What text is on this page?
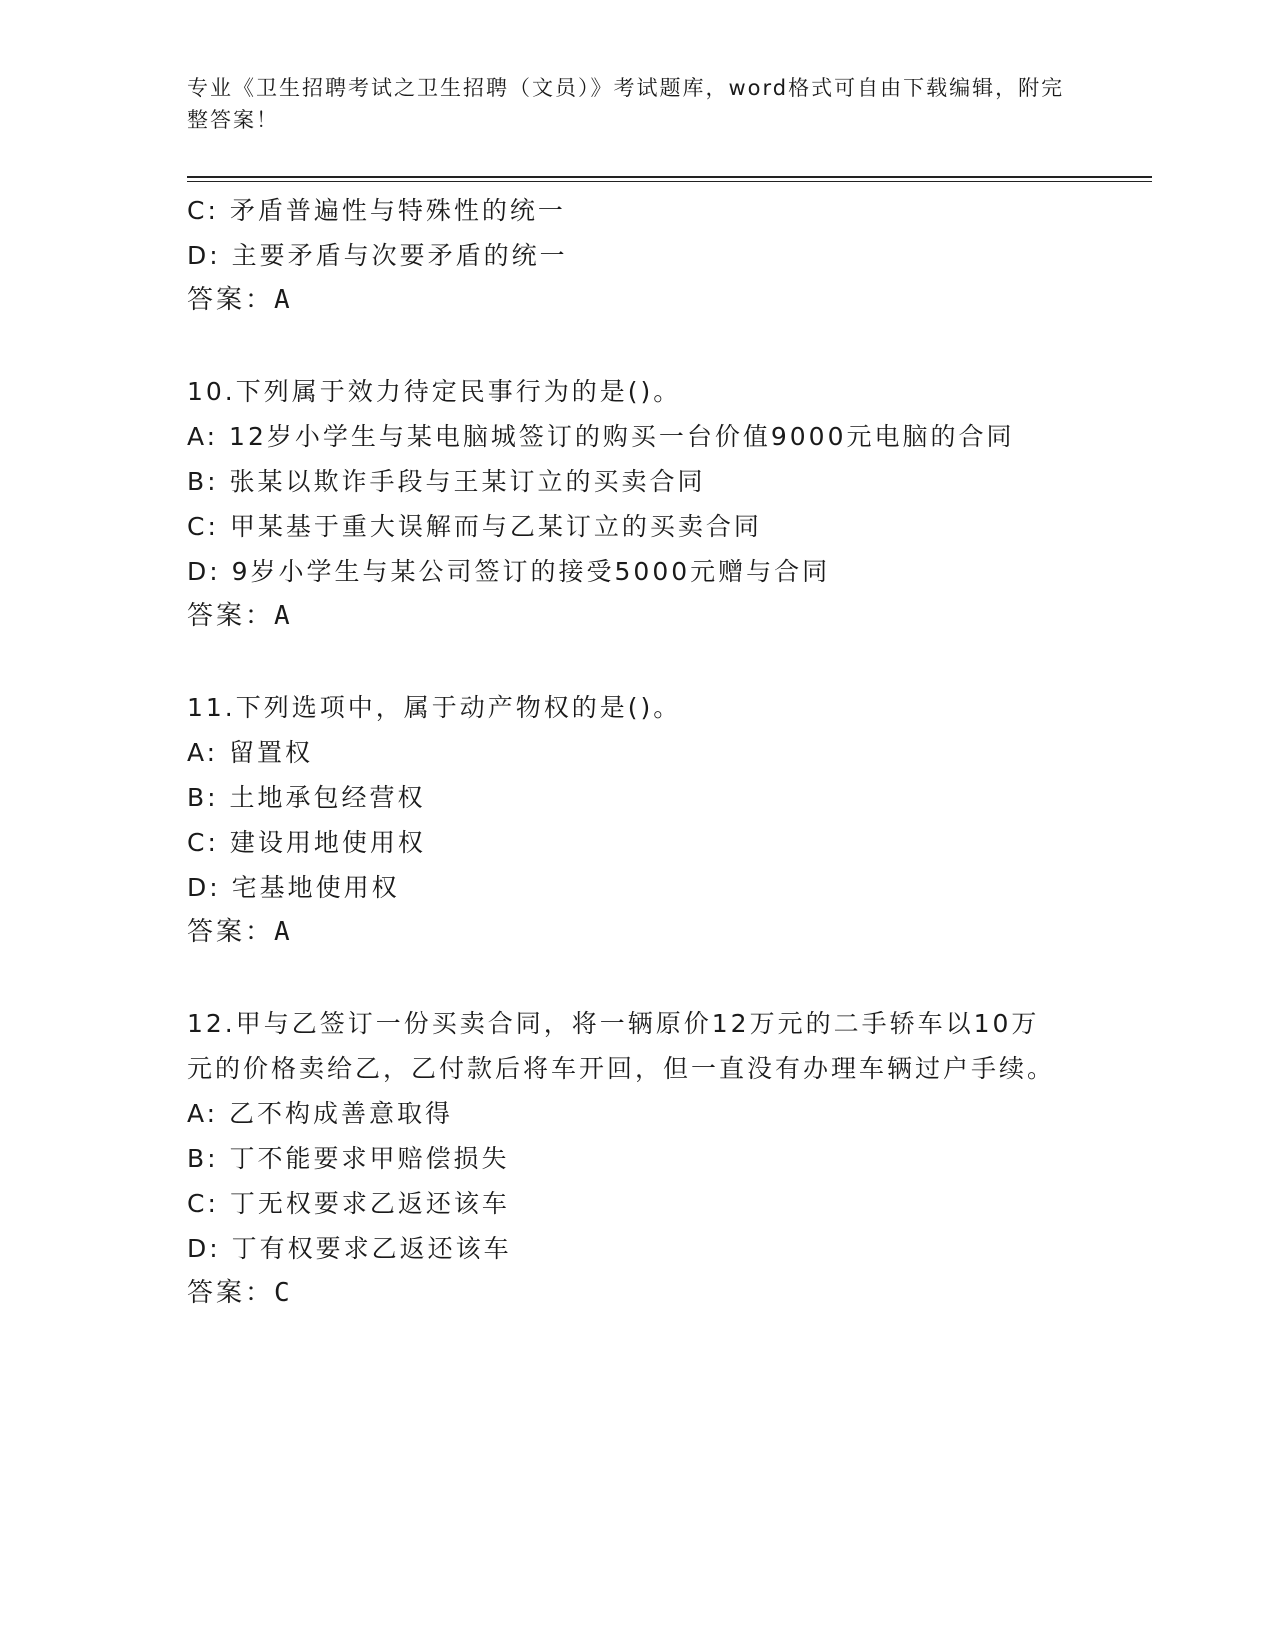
专业《卫生招聘考试之卫生招聘（文员）》考试题库，word格式可自由下载编辑，附完整答案！
C: 矛盾普遍性与特殊性的统一
D: 主要矛盾与次要矛盾的统一
答案：A
10.下列属于效力待定民事行为的是()。
A: 12岁小学生与某电脑城签订的购买一台价值9000元电脑的合同
B: 张某以欺诈手段与王某订立的买卖合同
C: 甲某基于重大误解而与乙某订立的买卖合同
D: 9岁小学生与某公司签订的接受5000元赠与合同
答案：A
11.下列选项中，属于动产物权的是()。
A: 留置权
B: 土地承包经营权
C: 建设用地使用权
D: 宅基地使用权
答案：A
12.甲与乙签订一份买卖合同，将一辆原价12万元的二手轿车以10万元的价格卖给乙，乙付款后将车开回，但一直没有办理车辆过户手续。
A: 乙不构成善意取得
B: 丁不能要求甲赔偿损失
C: 丁无权要求乙返还该车
D: 丁有权要求乙返还该车
答案：C
